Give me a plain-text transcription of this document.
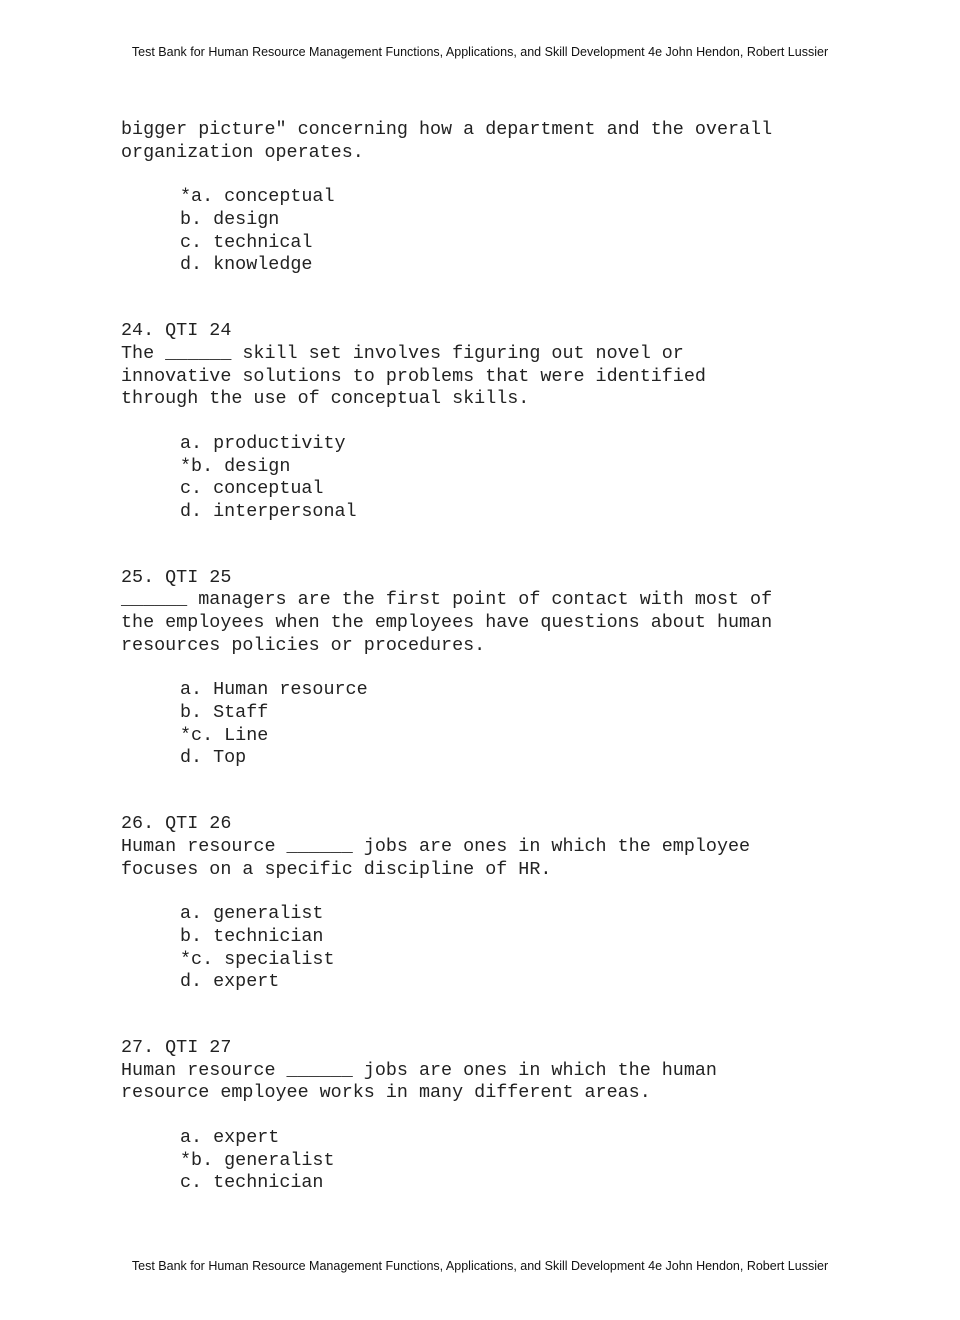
Test Bank for Human Resource Management Functions, Applications, and Skill Development 4e John Hendon, Robert Lussier
bigger picture" concerning how a department and the overall
organization operates.
*a. conceptual
b. design
c. technical
d. knowledge
24. QTI 24
The ______ skill set involves figuring out novel or
innovative solutions to problems that were identified
through the use of conceptual skills.
a. productivity
*b. design
c. conceptual
d. interpersonal
25. QTI 25
______ managers are the first point of contact with most of
the employees when the employees have questions about human
resources policies or procedures.
a. Human resource
b. Staff
*c. Line
d. Top
26. QTI 26
Human resource ______ jobs are ones in which the employee
focuses on a specific discipline of HR.
a. generalist
b. technician
*c. specialist
d. expert
27. QTI 27
Human resource ______ jobs are ones in which the human
resource employee works in many different areas.
a. expert
*b. generalist
c. technician
Test Bank for Human Resource Management Functions, Applications, and Skill Development 4e John Hendon, Robert Lussier
